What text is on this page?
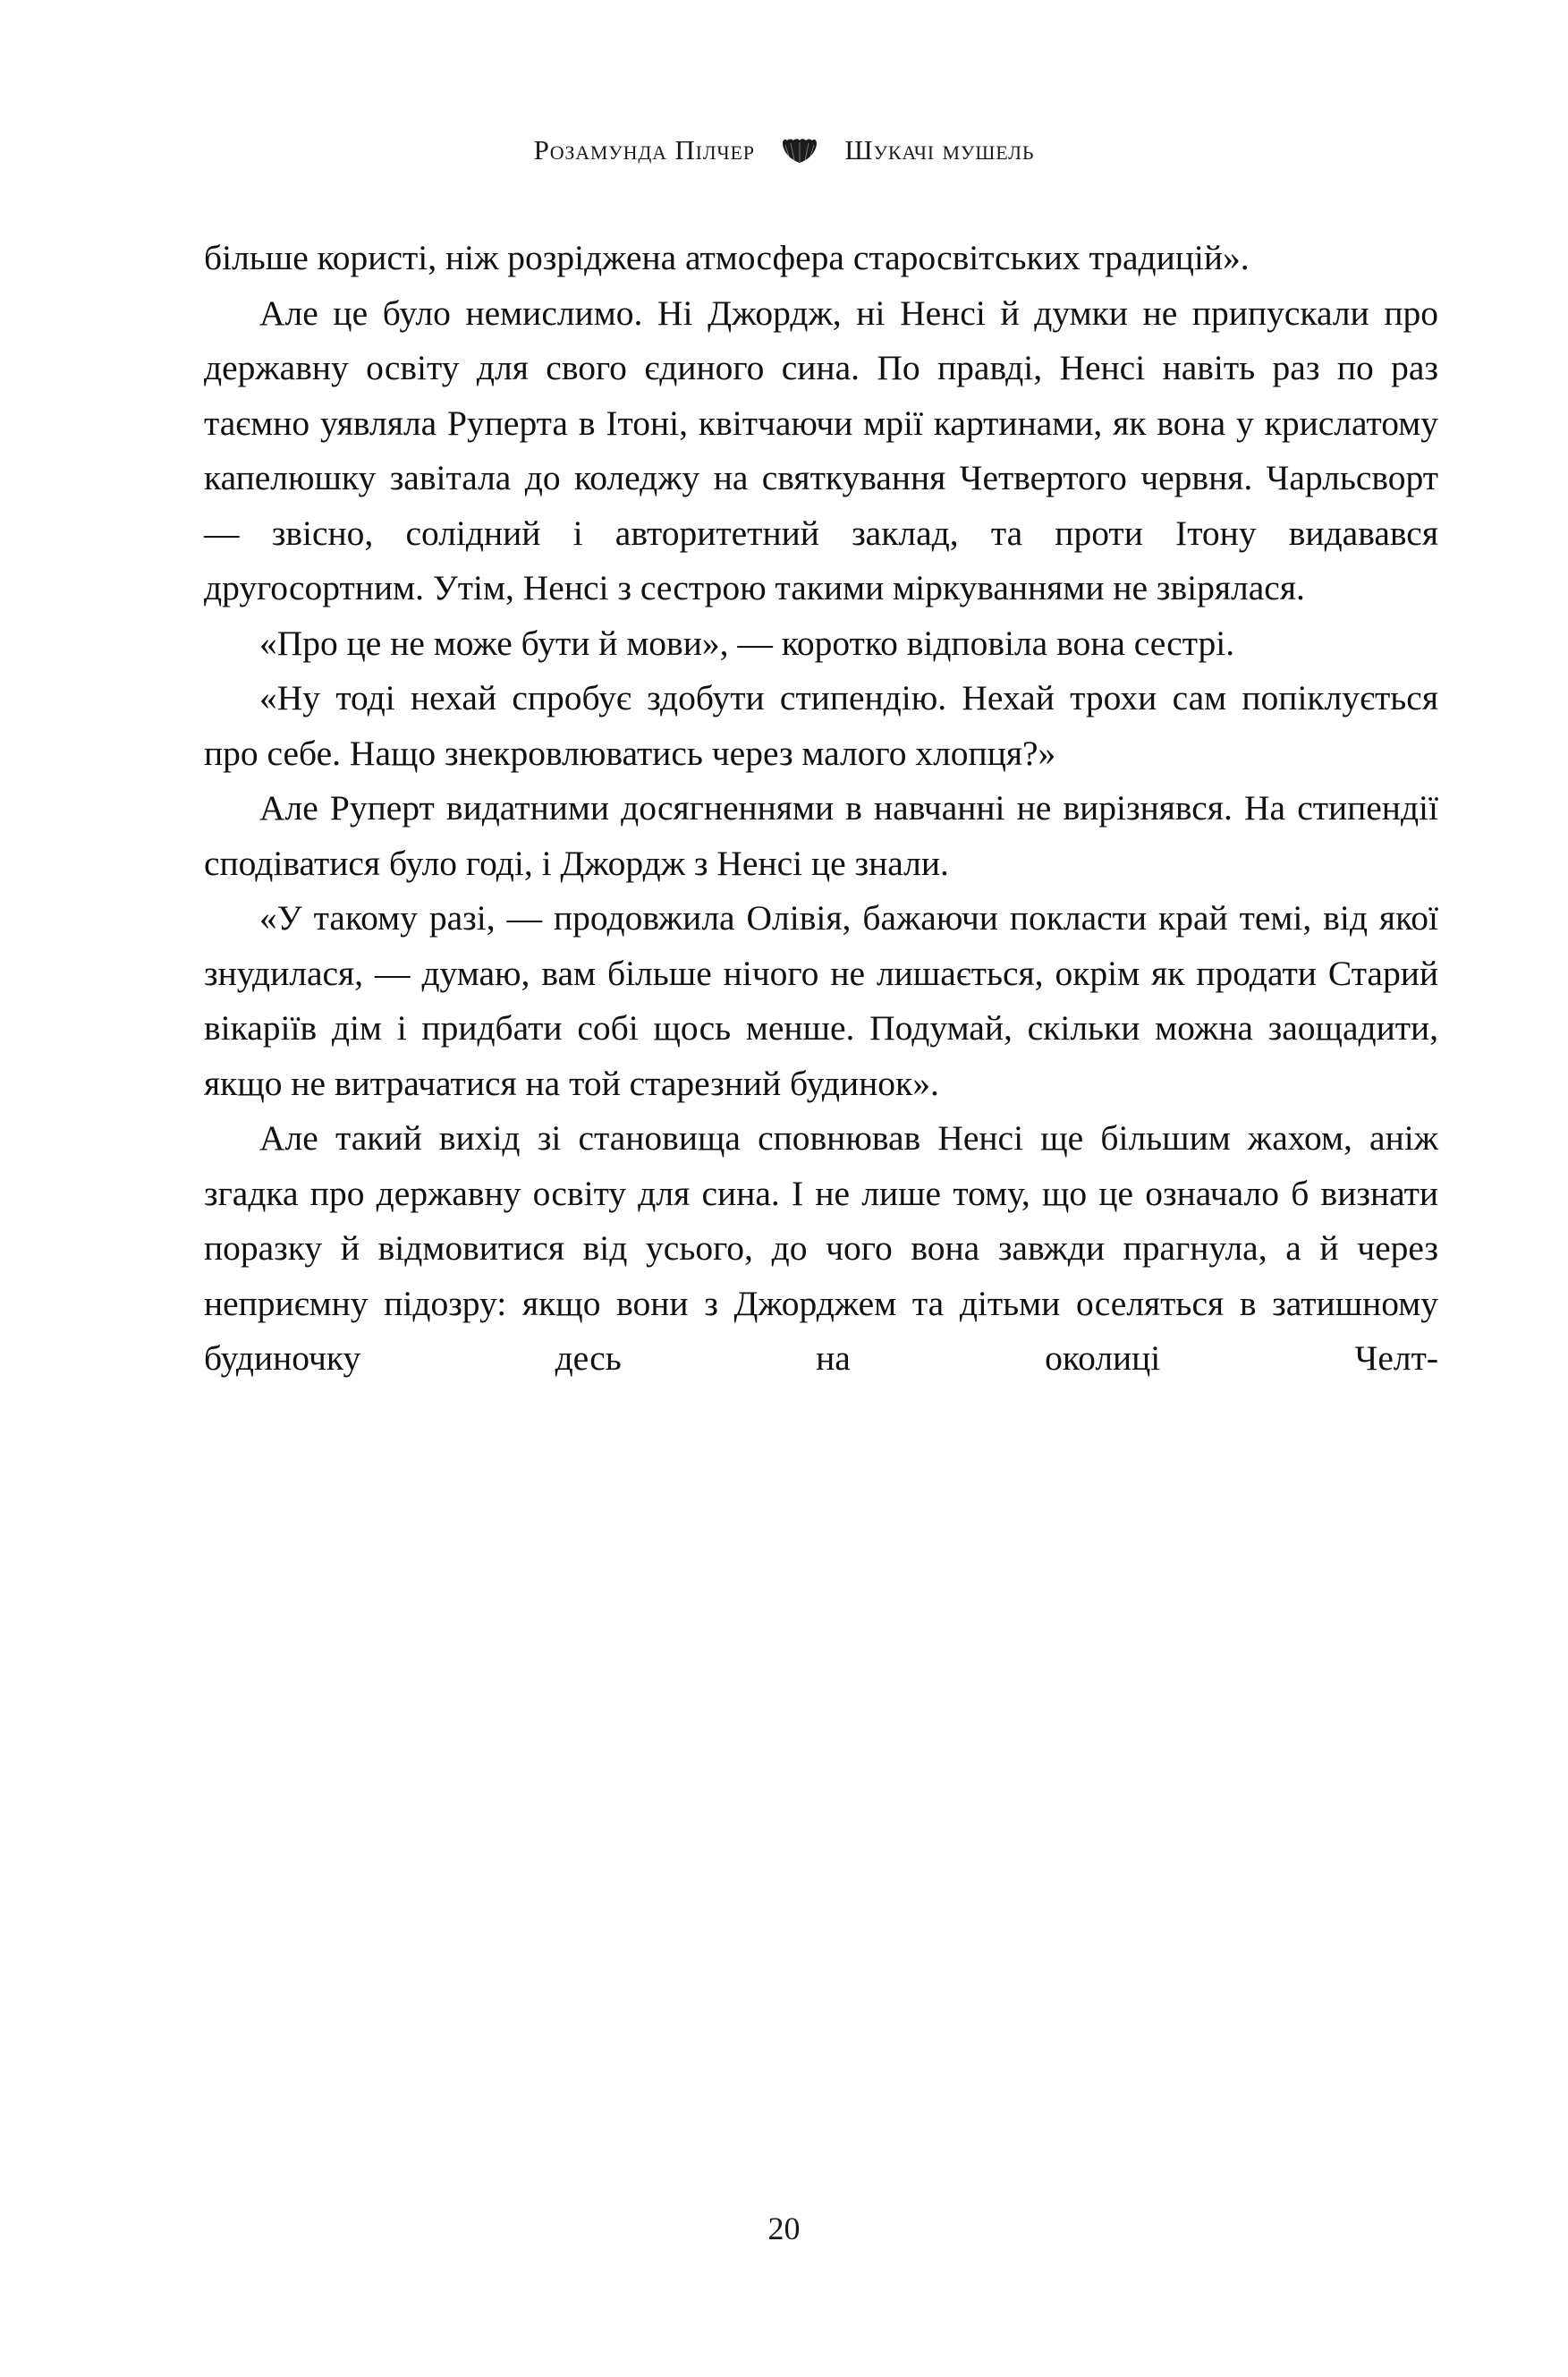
Розамунда Пілчер	Шукачі мушель

більше користі, ніж розріджена атмосфера старосвітських традицій».

Але це було немислимо. Ні Джордж, ні Ненсі й думки не припускали про державну освіту для свого єдиного сина. По правді, Ненсі навіть раз по раз таємно уявляла Руперта в Ітоні, квітчаючи мрії картинами, як вона у крислатому капелюшку завітала до коледжу на святкування Четвертого червня. Чарльсворт — звісно, солідний і авторитетний заклад, та проти Ітону видавався другосортним. Утім, Ненсі з сестрою такими міркуваннями не звірялася.

«Про це не може бути й мови», — коротко відповіла вона сестрі.

«Ну тоді нехай спробує здобути стипендію. Нехай трохи сам попіклується про себе. Нащо знекровлюватись через малого хлопця?»

Але Руперт видатними досягненнями в навчанні не вирізнявся. На стипендії сподіватися було годі, і Джордж з Ненсі це знали.

«У такому разі, — продовжила Олівія, бажаючи покласти край темі, від якої знудилася, — думаю, вам більше нічого не лишається, окрім як продати Старий вікаріїв дім і придбати собі щось менше. Подумай, скільки можна заощадити, якщо не витрачатися на той старезний будинок».

Але такий вихід зі становища сповнював Ненсі ще більшим жахом, аніж згадка про державну освіту для сина. І не лише тому, що це означало б визнати поразку й відмовитися від усього, до чого вона завжди прагнула, а й через неприємну підозру: якщо вони з Джорджем та дітьми оселяться в затишному будиночку десь на околиці Челт-

20
